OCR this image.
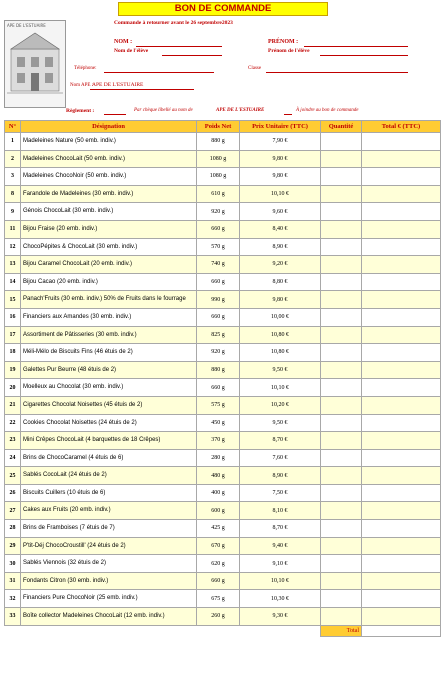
BON DE COMMANDE
APE DE L'ESTUAIRE	Commande à retourner avant le 26 septembre2023
NOM :
Nom de l'élève
PRÉNOM :
Prénom de l'élève
Téléphone:	Classe
Nom APE :
APE DE L'ESTUAIRE
Règlement :	Par chèque libellé au nom de	APE DE L'ESTUAIRE	À joindre au bon de commande
N°	Désignation	Poids Net	Prix Unitaire (TTC)	Quantité	Total € (TTC)
1	Madeleines Nature (50 emb. indiv.)	880 g	7,90 €		
2	Madeleines ChocoLait (50 emb. indiv.)	1080 g	9,80 €		
3	Madeleines ChocoNoir (50 emb. indiv.)	1080 g	9,80 €		
8	Farandole de Madeleines (30 emb. indiv.)	610 g	10,10 €		
9	Génois ChocoLait (30 emb. indiv.)	920 g	9,60 €		
11	Bijou Fraise (20 emb. indiv.)	660 g	8,40 €		
12	ChocoPépites & ChocoLait (30 emb. indiv.)	570 g	8,90 €		
13	Bijou Caramel ChocoLait (20 emb. indiv.)	740 g	9,20 €		
14	Bijou Cacao (20 emb. indiv.)	660 g	8,80 €		
15	Panach'Fruits (30 emb. indiv.) 50% de Fruits dans le fourrage	990 g	9,80 €		
16	Financiers aux Amandes (30 emb. indiv.)	660 g	10,00 €		
17	Assortiment de Pâtisseries (30 emb. indiv.)	825 g	10,80 €		
18	Méli-Mélo de Biscuits Fins (46 étuis de 2)	920 g	10,80 €		
19	Galettes Pur Beurre (48 étuis de 2)	880 g	9,50 €		
20	Moelleux au Chocolat (30 emb. indiv.)	660 g	10,10 €		
21	Cigarettes Chocolat Noisettes (45 étuis de 2)	575 g	10,20 €		
22	Cookies Chocolat Noisettes (24 étuis de 2)	450 g	9,50 €		
23	Mini Crêpes ChocoLait (4 barquettes de 18 Crêpes)	370 g	8,70 €		
24	Brins de ChocoCaramel (4 étuis de 6)	280 g	7,60 €		
25	Sablés CocoLait (24 étuis de 2)	480 g	8,90 €		
26	Biscuits Cuillers (10 étuis de 6)	400 g	7,50 €		
27	Cakes aux Fruits (20 emb. indiv.)	600 g	8,10 €		
28	Brins de Framboises (7 étuis de 7)	425 g	8,70 €		
29	P'tit-Déj ChocoCroustill' (24 étuis de 2)	670 g	9,40 €		
30	Sablés Viennois (32 étuis de 2)	620 g	9,10 €		
31	Fondants Citron (30 emb. indiv.)	660 g	10,10 €		
32	Financiers Pure ChocoNoir (25 emb. indiv.)	675 g	10,30 €		
33	Boîte collector Madeleines ChocoLait (12 emb. indiv.)	260 g	9,30 €		
				Total	
